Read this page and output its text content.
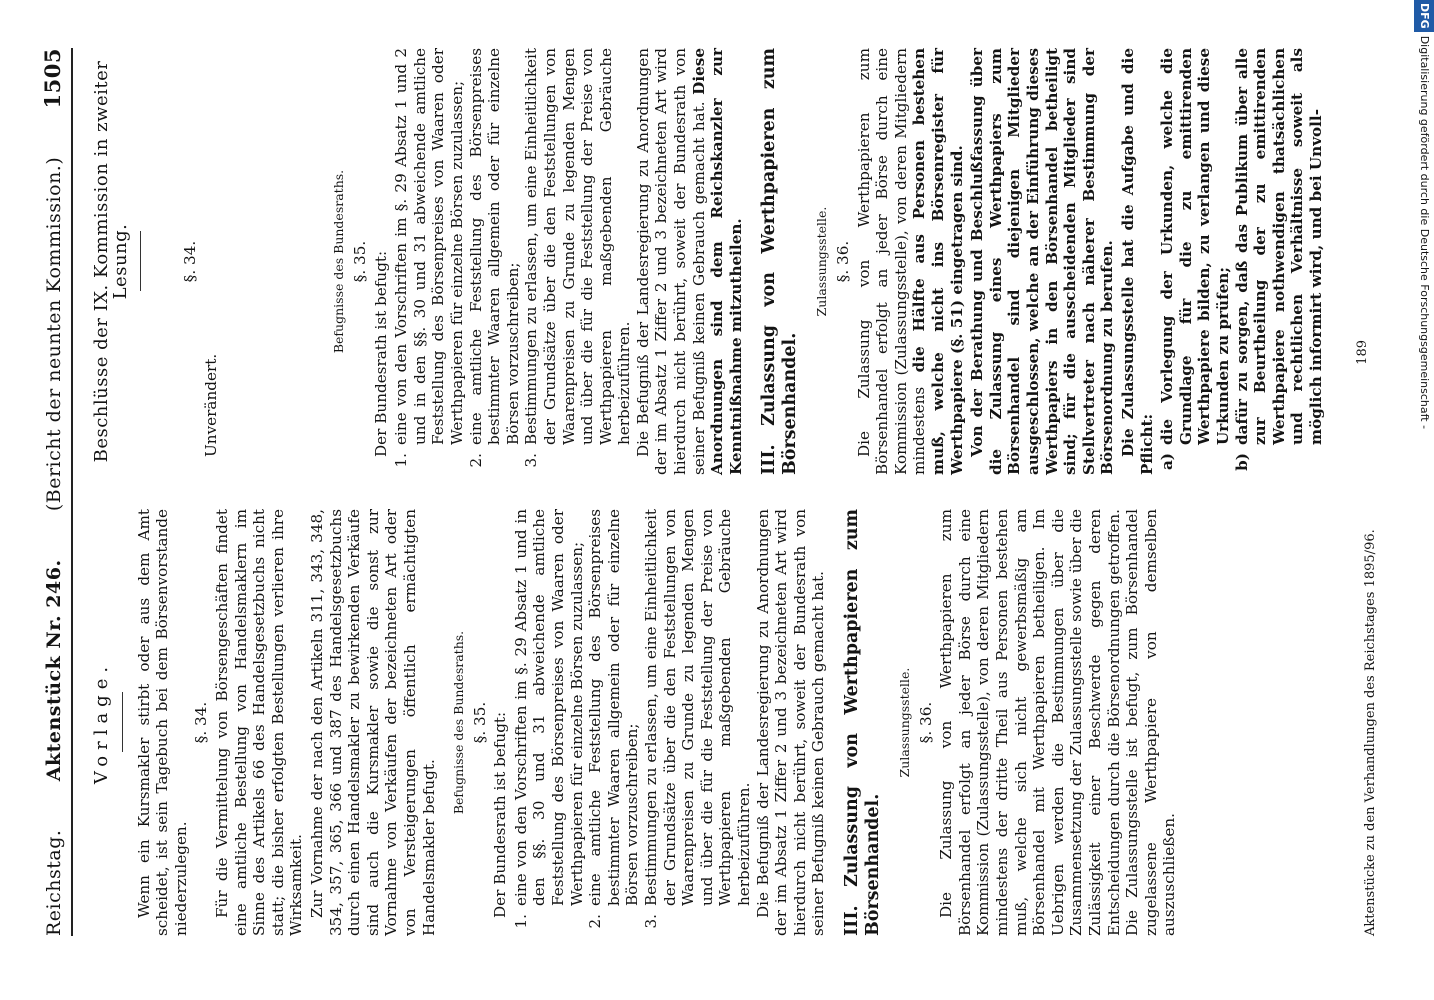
Reichstag.
Aktenstück Nr. 246.
(Bericht der neunten Kommission.)
1505
Vorlage. Wenn ein Kursmakler stirbt oder aus dem Amt scheidet, ist sein Tagebuch bei dem Börsenvorstande niederzulegen.

§. 34. Für die Vermittelung von Börsengeschäften findet eine amtliche Bestellung von Handelsmaklern im Sinne des Artikels 66 des Handelsgesetzbuchs nicht statt; die bisher erfolgten Bestellungen verlieren ihre Wirksamkeit. Zur Vornahme der nach den Artikeln 311, 343, 348, 354, 357, 365, 366 und 387 des Handelsgesetzbuchs durch einen Handelsmakler zu bewirkenden Verkäufe sind auch die Kursmakler sowie die sonst zur Vornahme von Verkäufen der bezeichneten Art oder von Versteigerungen öffentlich ermächtigten Handelsmakler befugt.

Befugnisse des Bundesraths. §. 35. Der Bundesrath ist befugt:

1.
eine von den Vorschriften im §. 29 Absatz 1 und in den §§. 30 und 31 abweichende amtliche Feststellung des Börsenpreises von Waaren oder Werthpapieren für einzelne Börsen zuzulassen;
2.
eine amtliche Feststellung des Börsenpreises bestimmter Waaren allgemein oder für einzelne Börsen vorzuschreiben;
3.
Bestimmungen zu erlassen, um eine Einheitlichkeit der Grundsätze über die den Feststellungen von Waarenpreisen zu Grunde zu legenden Mengen und über die für die Feststellung der Preise von Werthpapieren maßgebenden Gebräuche herbeizuführen. Die Befugniß der Landesregierung zu Anordnungen der im Absatz 1 Ziffer 2 und 3 bezeichneten Art wird hierdurch nicht berührt, soweit der Bundesrath von seiner Befugniß keinen Gebrauch gemacht hat. III. Zulassung von Werthpapieren zum Börsenhandel.

Zulassungsstelle. §. 36. Die Zulassung von Werthpapieren zum Börsenhandel erfolgt an jeder Börse durch eine Kommission (Zulassungsstelle), von deren Mitgliedern mindestens der dritte Theil aus Personen bestehen muß, welche sich nicht gewerbsmäßig am Börsenhandel mit Werthpapieren betheiligen. Im Uebrigen werden die Bestimmungen über die Zusammensetzung der Zulassungsstelle sowie über die Zulässigkeit einer Beschwerde gegen deren Entscheidungen durch die Börsenordnungen getroffen. Die Zulassungsstelle ist befugt, zum Börsenhandel zugelassene Werthpapiere von demselben auszuschließen.

Beschlüsse der IX. Kommission in zweiter Lesung.	§. 34.

Unverändert.

Befugnisse des Bundesraths. §. 35. Der Bundesrath ist befugt:

1.
eine von den Vorschriften im §. 29 Absatz 1 und 2 und in den §§. 30 und 31 abweichende amtliche Feststellung des Börsenpreises von Waaren oder Werthpapieren für einzelne Börsen zuzulassen;
2.
eine amtliche Feststellung des Börsenpreises bestimmter Waaren allgemein oder für einzelne Börsen vorzuschreiben;
3.
Bestimmungen zu erlassen, um eine Einheitlichkeit der Grundsätze über die den Feststellungen von Waarenpreisen zu Grunde zu legenden Mengen und über die für die Feststellung der Preise von Werthpapieren maßgebenden Gebräuche herbeizuführen. Die Befugniß der Landesregierung zu Anordnungen der im Absatz 1 Ziffer 2 und 3 bezeichneten Art wird hierdurch nicht berührt, soweit der Bundesrath von seiner Befugniß keinen Gebrauch gemacht hat. Diese Anordnungen sind dem Reichskanzler zur Kenntnißnahme mitzutheilen. III. Zulassung von Werthpapieren zum Börsenhandel.

Zulassungsstelle. §. 36. Die Zulassung von Werthpapieren zum Börsenhandel erfolgt an jeder Börse durch eine Kommission (Zulassungsstelle), von deren Mitgliedern mindestens die Hälfte aus Personen bestehen muß, welche nicht ins Börsenregister für Werthpapiere (§. 51) eingetragen sind. Von der Berathung und Beschlußfassung über die Zulassung eines Werthpapiers zum Börsenhandel sind diejenigen Mitglieder ausgeschlossen, welche an der Einführung dieses Werthpapiers in den Börsenhandel betheiligt sind; für die ausscheidenden Mitglieder sind Stellvertreter nach näherer Bestimmung der Börsenordnung zu berufen. Die Zulassungsstelle hat die Aufgabe und die Pflicht: a)
die Vorlegung der Urkunden, welche die Grundlage für die zu emittirenden Werthpapiere bilden, zu verlangen und diese Urkunden zu prüfen;
b)
dafür zu sorgen, daß das Publikum über alle zur Beurtheilung der zu emittirenden Werthpapiere nothwendigen thatsächlichen und rechtlichen Verhältnisse soweit als möglich informirt wird, und bei Unvoll-
Aktenstücke zu den Verhandlungen des Reichstages 1895/96.
189
DFG
Digitalisierung gefördert durch die Deutsche Forschungsgemeinschaft -
